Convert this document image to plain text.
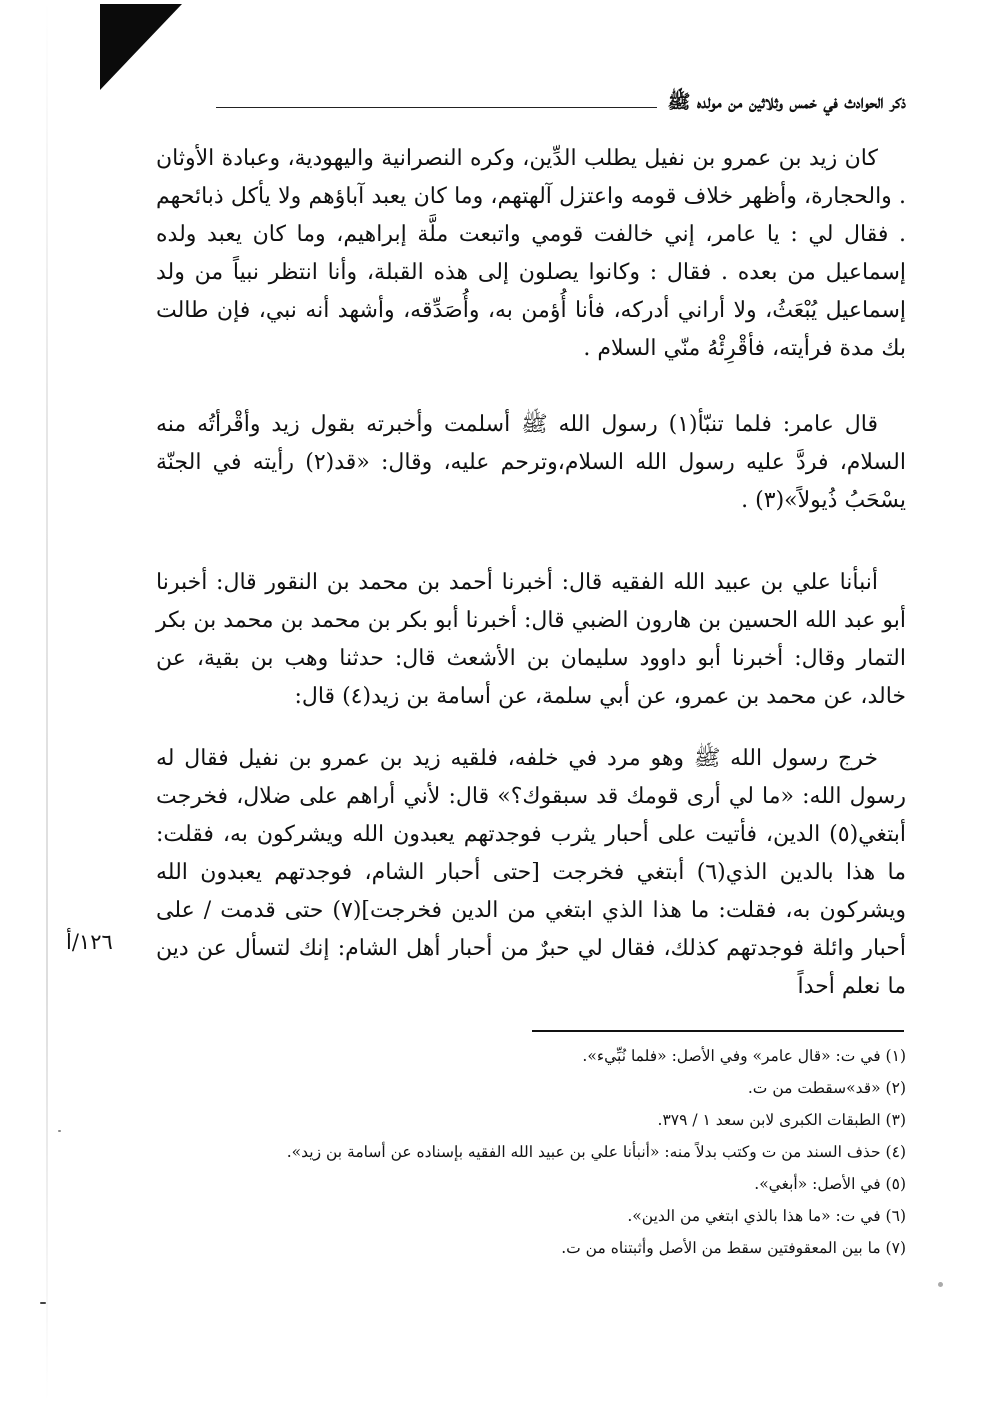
ذكر الحوادث في خمس وثلاثين من مولده ﷺ

كان زيد بن عمرو بن نفيل يطلب الدِّين، وكره النصرانية واليهودية، وعبادة الأوثان . والحجارة، وأظهر خلاف قومه واعتزل آلهتهم، وما كان يعبد آباؤهم ولا يأكل ذبائحهم . فقال لي : يا عامر، إني خالفت قومي واتبعت ملَّة إبراهيم، وما كان يعبد ولده إسماعيل من بعده . فقال : وكانوا يصلون إلى هذه القبلة، وأنا انتظر نبياً من ولد إسماعيل يُبْعَثُ، ولا أراني أدركه، فأنا أُؤمن به، وأُصَدِّقه، وأشهد أنه نبي، فإن طالت بك مدة فرأيته، فأقْرِئْهُ منّي السلام .

قال عامر: فلما تنبّأ(١) رسول الله ﷺ أسلمت وأخبرته بقول زيد وأقْرأتُه منه السلام، فردَّ عليه رسول الله السلام،وترحم عليه، وقال: «قد(٢) رأيته في الجنّة يسْحَبُ ذُيولاً»(٣) .

أنبأنا علي بن عبيد الله الفقيه قال: أخبرنا أحمد بن محمد بن النقور قال: أخبرنا أبو عبد الله الحسين بن هارون الضبي قال: أخبرنا أبو بكر بن محمد بن محمد بن بكر التمار وقال: أخبرنا أبو داوود سليمان بن الأشعث قال: حدثنا وهب بن بقية، عن خالد، عن محمد بن عمرو، عن أبي سلمة، عن أسامة بن زيد(٤) قال:

خرج رسول الله ﷺ وهو مرد في خلفه، فلقيه زيد بن عمرو بن نفيل فقال له رسول الله: «ما لي أرى قومك قد سبقوك؟» قال: لأني أراهم على ضلال، فخرجت أبتغي(٥) الدين، فأتيت على أحبار يثرب فوجدتهم يعبدون الله ويشركون به، فقلت: ما هذا بالدين الذي(٦) أبتغي فخرجت [حتى أحبار الشام، فوجدتهم يعبدون الله ويشركون به، فقلت: ما هذا الذي ابتغي من الدين فخرجت](٧) حتى قدمت / على أحبار وائلة فوجدتهم كذلك، فقال لي حبرٌ من أحبار أهل الشام: إنك لتسأل عن دين ما نعلم أحداً

١٢٦/أ
(١) في ت: «قال عامر» وفي الأصل: «فلما نُبِّيء».
(٢) «قد»سقطت من ت.
(٣) الطبقات الكبرى لابن سعد ١ / ٣٧٩.
(٤) حذف السند من ت وكتب بدلاً منه: «أنبأنا علي بن عبيد الله الفقيه بإسناده عن أسامة بن زيد».
(٥) في الأصل: «أبغي».
(٦) في ت: «ما هذا بالذي ابتغي من الدين».
(٧) ما بين المعقوفتين سقط من الأصل وأثبتناه من ت.
